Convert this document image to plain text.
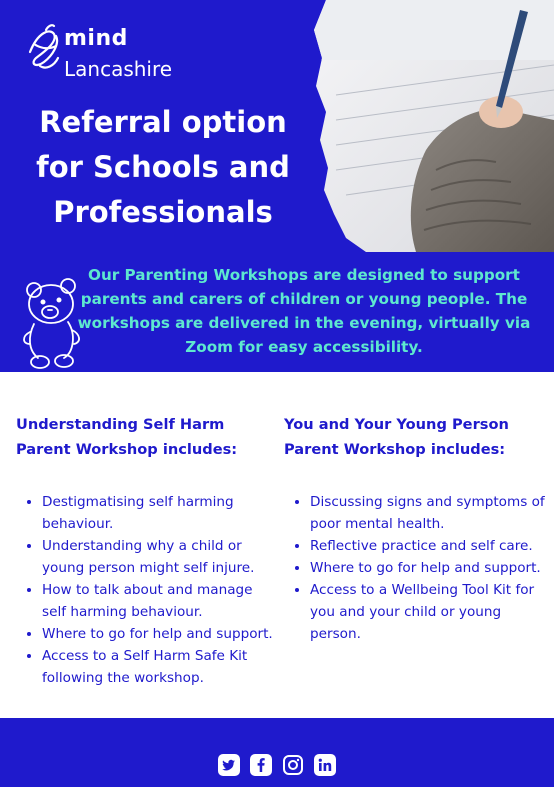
mind
Lancashire
Referral option
for Schools and
Professionals

Our Parenting Workshops are designed to support parents and carers of children or young people. The workshops are delivered in the evening, virtually via Zoom for easy accessibility.

Understanding Self Harm
Parent Workshop includes:
• Destigmatising self harming behaviour.
• Understanding why a child or young person might self injure.
• How to talk about and manage self harming behaviour.
• Where to go for help and support.
• Access to a Self Harm Safe Kit following the workshop.
You and Your Young Person
Parent Workshop includes:
• Discussing signs and symptoms of poor mental health.
• Reflective practice and self care.
• Where to go for help and support.
• Access to a Wellbeing Tool Kit for you and your child or young person.
